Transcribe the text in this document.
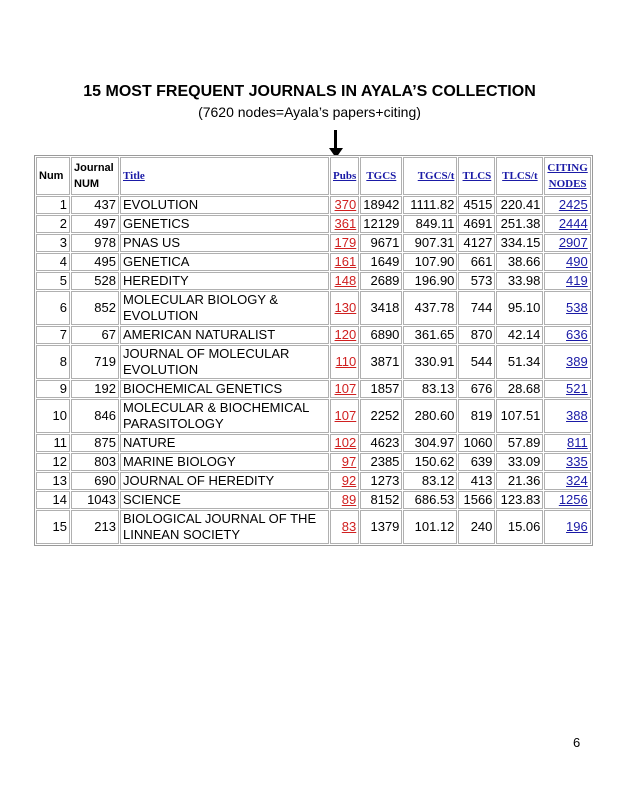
15 MOST FREQUENT JOURNALS IN AYALA’S COLLECTION
(7620 nodes=Ayala’s papers+citing)
Num	Journal NUM	Title	Pubs	TGCS	TGCS/t	TLCS	TLCS/t	CITING NODES
1	437	EVOLUTION	370	18942	1111.82	4515	220.41	2425
2	497	GENETICS	361	12129	849.11	4691	251.38	2444
3	978	PNAS US	179	9671	907.31	4127	334.15	2907
4	495	GENETICA	161	1649	107.90	661	38.66	490
5	528	HEREDITY	148	2689	196.90	573	33.98	419
6	852	MOLECULAR BIOLOGY & EVOLUTION	130	3418	437.78	744	95.10	538
7	67	AMERICAN NATURALIST	120	6890	361.65	870	42.14	636
8	719	JOURNAL OF MOLECULAR EVOLUTION	110	3871	330.91	544	51.34	389
9	192	BIOCHEMICAL GENETICS	107	1857	83.13	676	28.68	521
10	846	MOLECULAR & BIOCHEMICAL PARASITOLOGY	107	2252	280.60	819	107.51	388
11	875	NATURE	102	4623	304.97	1060	57.89	811
12	803	MARINE BIOLOGY	97	2385	150.62	639	33.09	335
13	690	JOURNAL OF HEREDITY	92	1273	83.12	413	21.36	324
14	1043	SCIENCE	89	8152	686.53	1566	123.83	1256
15	213	BIOLOGICAL JOURNAL OF THE LINNEAN SOCIETY	83	1379	101.12	240	15.06	196
6
